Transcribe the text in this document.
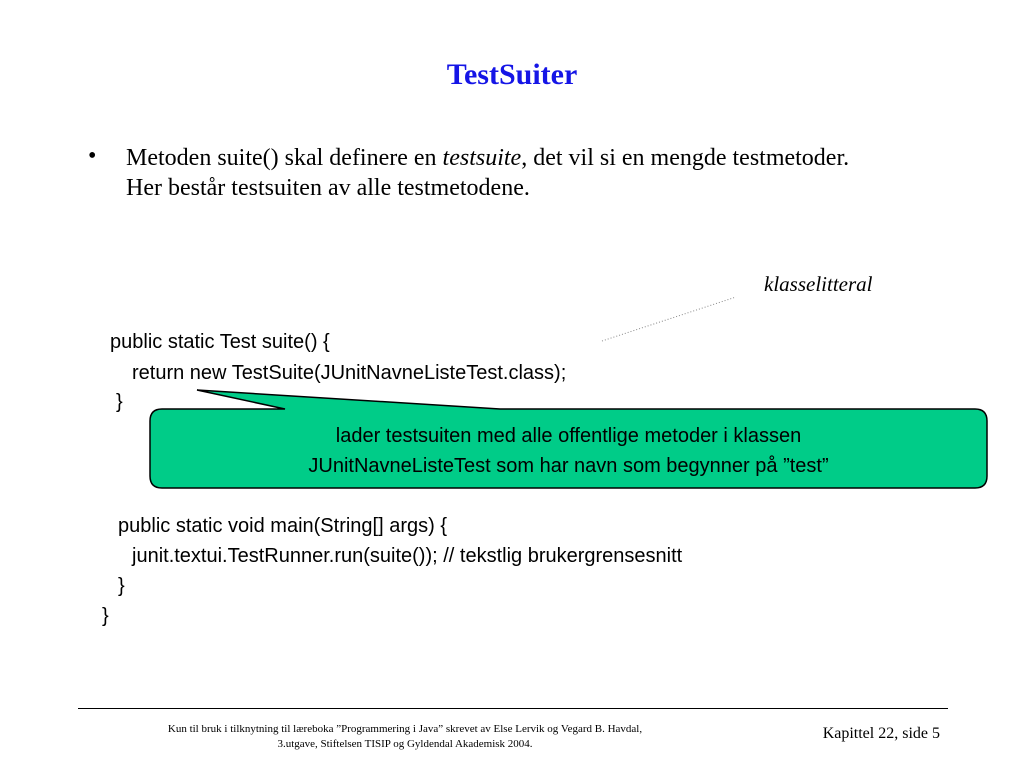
TestSuiter
• Metoden suite() skal definere en testsuite, det vil si en mengde testmetoder. Her består testsuiten av alle testmetodene.
klasselitteral
lader testsuiten med alle offentlige metoder i klassen
JUnitNavneListeTest som har navn som begynner på ”test”
public static Test suite() {
return new TestSuite(JUnitNavneListeTest.class);
}
public static void main(String[] args) {
junit.textui.TestRunner.run(suite()); // tekstlig brukergrensesnitt
}
}
Kun til bruk i tilknytning til læreboka ”Programmering i Java” skrevet av Else Lervik og Vegard B. Havdal,
3.utgave, Stiftelsen TISIP og Gyldendal Akademisk 2004.
Kapittel 22, side 5
